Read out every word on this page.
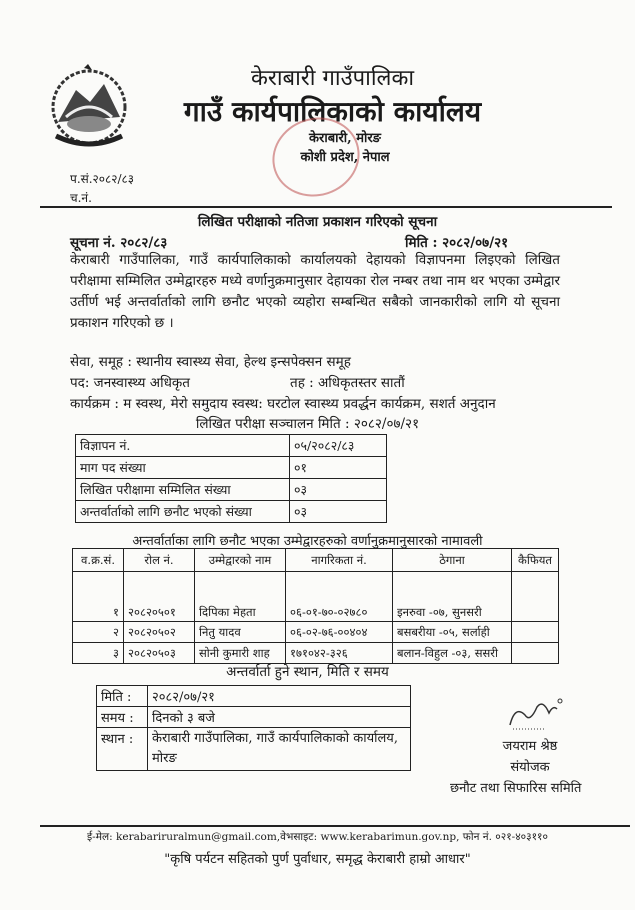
केराबारी गाउँपालिका
गाउँ कार्यपालिकाको कार्यालय
केराबारी, मोरङ
कोशी प्रदेश, नेपाल
प.सं.२०८२/८३
च.नं.
लिखित परीक्षाको नतिजा प्रकाशन गरिएको सूचना
सूचना नं. २०८२/८३	मिति : २०८२/०७/२१
केराबारी गाउँपालिका, गाउँ कार्यपालिकाको कार्यालयको देहायको विज्ञापनमा लिइएको लिखित परीक्षामा सम्मिलित उम्मेद्वारहरु मध्ये वर्णानुक्रमानुसार देहायका रोल नम्बर तथा नाम थर भएका उम्मेद्वार उर्तीर्ण भई अन्तर्वार्ताको लागि छनौट भएको व्यहोरा सम्बन्धित सबैको जानकारीको लागि यो सूचना प्रकाशन गरिएको छ ।
सेवा, समूह : स्थानीय स्वास्थ्य सेवा, हेल्थ इन्सपेक्सन समूह
पद: जनस्वास्थ्य अधिकृत	तह : अधिकृतस्तर सातौं
कार्यक्रम : म स्वस्थ, मेरो समुदाय स्वस्थ: घरटोल स्वास्थ्य प्रवर्द्धन कार्यक्रम, सशर्त अनुदान
लिखित परीक्षा सञ्चालन मिति : २०८२/०७/२१
विज्ञापन नं.	०५/२०८२/८३
माग पद संख्या	०१
लिखित परीक्षामा सम्मिलित संख्या	०३
अन्तर्वार्ताको लागि छनौट भएको संख्या	०३
अन्तर्वार्ताका लागि छनौट भएका उम्मेद्वारहरुको वर्णानुक्रमानुसारको नामावली
व.क्र.सं.	रोल नं.	उम्मेद्वारको नाम	नागरिकता नं.	ठेगाना	कैफियत
१	२०८२०५०१	दिपिका मेहता	०६-०१-७०-०२७८०	इनरुवा -०७, सुनसरी	
२	२०८२०५०२	नितु यादव	०६-०२-७६-००४०४	बसबरीया -०५, सर्लाही	
३	२०८२०५०३	सोनी कुमारी शाह	१७१०४२-३२६	बलान-विहुल -०३, ससरी	
अन्तर्वार्ता हुने स्थान, मिति र समय
मिति :	२०८२/०७/२१
समय :	दिनको ३ बजे
स्थान :	केराबारी गाउँपालिका, गाउँ कार्यपालिकाको कार्यालय, मोरङ
जयराम श्रेष्ठ
संयोजक
छनौट तथा सिफारिस समिति
ई-मेल: kerabariruralmun@gmail.com,वेभसाइट: www.kerabarimun.gov.np, फोन नं. ०२१-४०३११०
"कृषि पर्यटन सहितको पुर्ण पुर्वाधार, समृद्ध केराबारी हाम्रो आधार"
